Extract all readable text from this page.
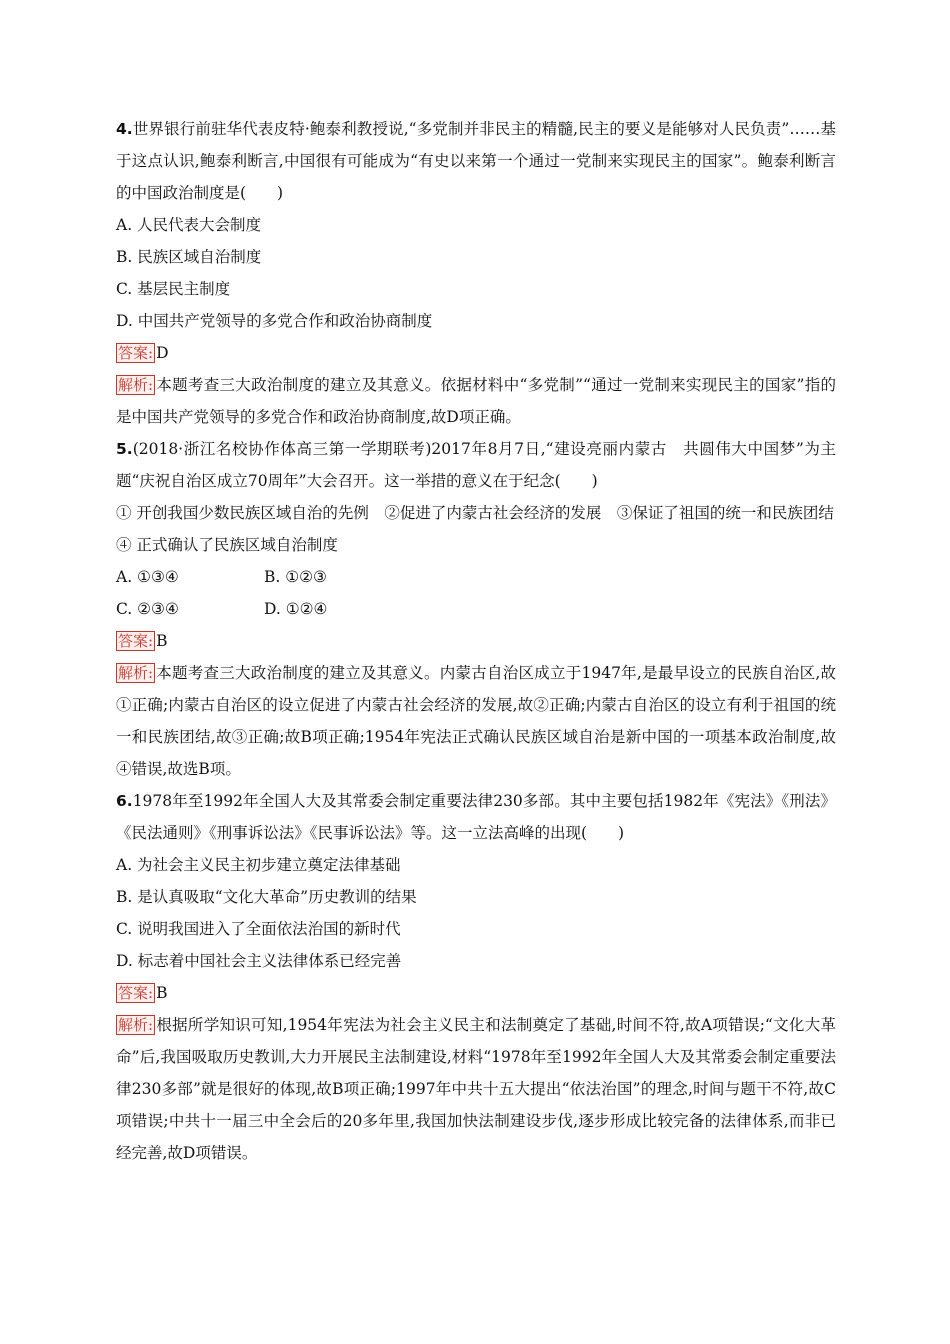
4.世界银行前驻华代表皮特·鲍泰利教授说,“多党制并非民主的精髓,民主的要义是能够对人民负责”……基于这点认识,鲍泰利断言,中国很有可能成为“有史以来第一个通过一党制来实现民主的国家”。鲍泰利断言的中国政治制度是(　　)
A. 人民代表大会制度
B. 民族区域自治制度
C. 基层民主制度
D. 中国共产党领导的多党合作和政治协商制度
答案: D
解析: 本题考查三大政治制度的建立及其意义。依据材料中“多党制”“通过一党制来实现民主的国家”指的是中国共产党领导的多党合作和政治协商制度,故D项正确。
5.(2018·浙江名校协作体高三第一学期联考)2017年8月7日,“建设亮丽内蒙古　共圆伟大中国梦”为主题“庆祝自治区成立70周年”大会召开。这一举措的意义在于纪念(　　)
① 开创我国少数民族区域自治的先例　②促进了内蒙古社会经济的发展　③保证了祖国的统一和民族团结
④ 正式确认了民族区域自治制度
A. ①③④	B. ①②③
C. ②③④	D. ①②④
答案: B
解析: 本题考查三大政治制度的建立及其意义。内蒙古自治区成立于1947年,是最早设立的民族自治区,故①正确;内蒙古自治区的设立促进了内蒙古社会经济的发展,故②正确;内蒙古自治区的设立有利于祖国的统一和民族团结,故③正确;故B项正确;1954年宪法正式确认民族区域自治是新中国的一项基本政治制度,故④错误,故选B项。
6.1978年至1992年全国人大及其常委会制定重要法律230多部。其中主要包括1982年《宪法》《刑法》《民法通则》《刑事诉讼法》《民事诉讼法》等。这一立法高峰的出现(　　)
A. 为社会主义民主初步建立奠定法律基础
B. 是认真吸取“文化大革命”历史教训的结果
C. 说明我国进入了全面依法治国的新时代
D. 标志着中国社会主义法律体系已经完善
答案: B
解析: 根据所学知识可知,1954年宪法为社会主义民主和法制奠定了基础,时间不符,故A项错误;“文化大革命”后,我国吸取历史教训,大力开展民主法制建设,材料“1978年至1992年全国人大及其常委会制定重要法律230多部”就是很好的体现,故B项正确;1997年中共十五大提出“依法治国”的理念,时间与题干不符,故C项错误;中共十一届三中全会后的20多年里,我国加快法制建设步伐,逐步形成比较完备的法律体系,而非已经完善,故D项错误。
